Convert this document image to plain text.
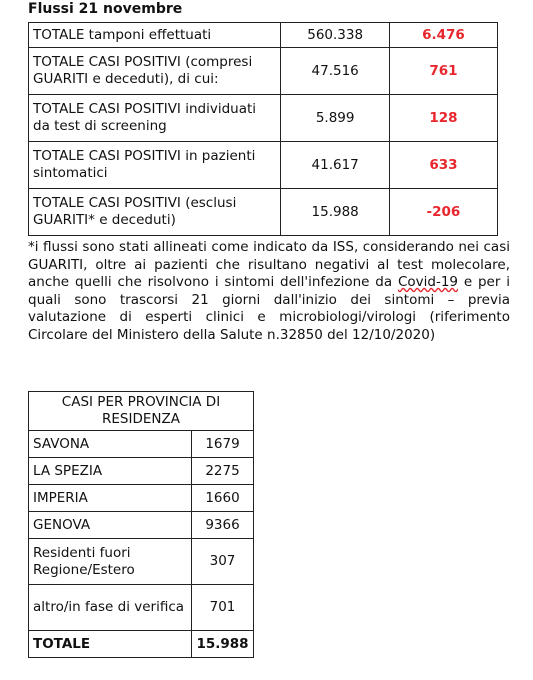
Flussi 21 novembre
TOTALE tamponi effettuati	560.338	6.476
TOTALE CASI POSITIVI (compresi GUARITI e deceduti), di cui:	47.516	761
TOTALE CASI POSITIVI individuati da test di screening	5.899	128
TOTALE CASI POSITIVI in pazienti sintomatici	41.617	633
TOTALE CASI POSITIVI (esclusi GUARITI* e deceduti)	15.988	-206
*i flussi sono stati allineati come indicato da ISS, considerando nei casi GUARITI, oltre ai pazienti che risultano negativi al test molecolare, anche quelli che risolvono i sintomi dell'infezione da Covid-19 e per i quali sono trascorsi 21 giorni dall'inizio dei sintomi – previa valutazione di esperti clinici e microbiologi/virologi (riferimento Circolare del Ministero della Salute n.32850 del 12/10/2020)
CASI PER PROVINCIA DI RESIDENZA	
SAVONA	1679
LA SPEZIA	2275
IMPERIA	1660
GENOVA	9366
Residenti fuori Regione/Estero	307
altro/in fase di verifica	701
TOTALE	15.988
